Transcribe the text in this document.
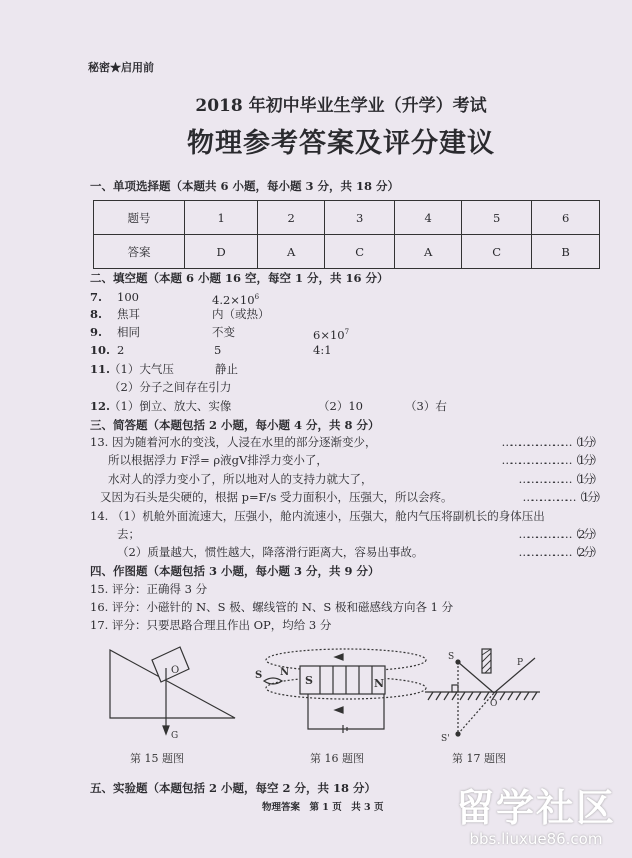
秘密★启用前
2018 年初中毕业生学业（升学）考试
物理参考答案及评分建议
一、单项选择题（本题共 6 小题，每小题 3 分，共 18 分）
题号	1	2	3	4	5	6
答案	D	A	C	A	C	B
二、填空题（本题 6 小题 16 空，每空 1 分，共 16 分）
7. 100	$4.2\times 10^6$
8. 焦耳	内（或热）
9. 相同	不变	$6\times 10^7$
10. 2	5	4:1
11.
（1）大气压	静止
（2）分子之间存在引力
12.
（1）倒立、放大、实像	（2）10	（3）右
三、简答题（本题包括 2 小题，每小题 4 分，共 8 分）
13. 因为随着河水的变浅，人浸在水里的部分逐渐变少，	……………………（1 分）
所以根据浮力 F浮= ρ液gV排浮力变小了，	……………………（1 分）
水对人的浮力变小了，所以地对人的支持力就大了，	………………（1 分）
又因为石头是尖硬的，根据 p=F/s 受力面积小，压强大，所以会疼。	………………（1 分）
14. （1）机舱外面流速大，压强小，舱内流速小，压强大，舱内气压将副机长的身体压出
去；	………………（2 分）
（2）质量越大，惯性越大，降落滑行距离大，容易出事故。	………………（2 分）
四、作图题（本题包括 3 小题，每小题 3 分，共 9 分）
15. 评分：正确得 3 分
16. 评分：小磁针的 N、S 极、螺线管的 N、S 极和磁感线方向各 1 分
17. 评分：只要思路合理且作出 OP，均给 3 分
O
G
S N
S	N
S
S'
O
P
第 15 题图	第 16 题图	第 17 题图
五、实验题（本题包括 2 小题，每空 2 分，共 18 分）
物理答案　第 1 页　共 3 页 留学社区
bbs.liuxue86.com
